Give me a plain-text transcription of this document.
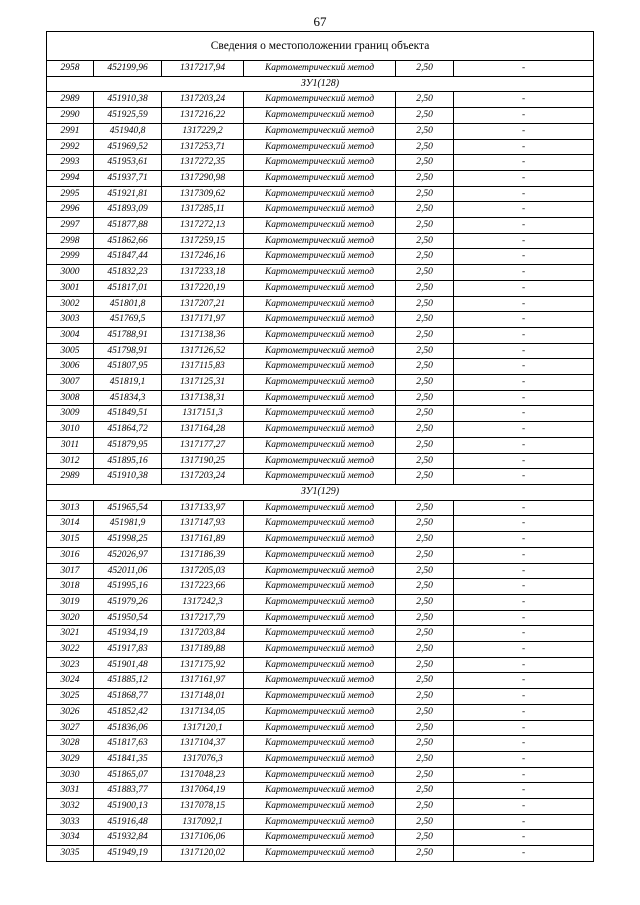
67
Сведения о местоположении границ объекта					
2958	452199,96	1317217,94	Картометрический метод	2,50	-
ЗУ1(128)					
2989	451910,38	1317203,24	Картометрический метод	2,50	-
2990	451925,59	1317216,22	Картометрический метод	2,50	-
2991	451940,8	1317229,2	Картометрический метод	2,50	-
2992	451969,52	1317253,71	Картометрический метод	2,50	-
2993	451953,61	1317272,35	Картометрический метод	2,50	-
2994	451937,71	1317290,98	Картометрический метод	2,50	-
2995	451921,81	1317309,62	Картометрический метод	2,50	-
2996	451893,09	1317285,11	Картометрический метод	2,50	-
2997	451877,88	1317272,13	Картометрический метод	2,50	-
2998	451862,66	1317259,15	Картометрический метод	2,50	-
2999	451847,44	1317246,16	Картометрический метод	2,50	-
3000	451832,23	1317233,18	Картометрический метод	2,50	-
3001	451817,01	1317220,19	Картометрический метод	2,50	-
3002	451801,8	1317207,21	Картометрический метод	2,50	-
3003	451769,5	1317171,97	Картометрический метод	2,50	-
3004	451788,91	1317138,36	Картометрический метод	2,50	-
3005	451798,91	1317126,52	Картометрический метод	2,50	-
3006	451807,95	1317115,83	Картометрический метод	2,50	-
3007	451819,1	1317125,31	Картометрический метод	2,50	-
3008	451834,3	1317138,31	Картометрический метод	2,50	-
3009	451849,51	1317151,3	Картометрический метод	2,50	-
3010	451864,72	1317164,28	Картометрический метод	2,50	-
3011	451879,95	1317177,27	Картометрический метод	2,50	-
3012	451895,16	1317190,25	Картометрический метод	2,50	-
2989	451910,38	1317203,24	Картометрический метод	2,50	-
ЗУ1(129)					
3013	451965,54	1317133,97	Картометрический метод	2,50	-
3014	451981,9	1317147,93	Картометрический метод	2,50	-
3015	451998,25	1317161,89	Картометрический метод	2,50	-
3016	452026,97	1317186,39	Картометрический метод	2,50	-
3017	452011,06	1317205,03	Картометрический метод	2,50	-
3018	451995,16	1317223,66	Картометрический метод	2,50	-
3019	451979,26	1317242,3	Картометрический метод	2,50	-
3020	451950,54	1317217,79	Картометрический метод	2,50	-
3021	451934,19	1317203,84	Картометрический метод	2,50	-
3022	451917,83	1317189,88	Картометрический метод	2,50	-
3023	451901,48	1317175,92	Картометрический метод	2,50	-
3024	451885,12	1317161,97	Картометрический метод	2,50	-
3025	451868,77	1317148,01	Картометрический метод	2,50	-
3026	451852,42	1317134,05	Картометрический метод	2,50	-
3027	451836,06	1317120,1	Картометрический метод	2,50	-
3028	451817,63	1317104,37	Картометрический метод	2,50	-
3029	451841,35	1317076,3	Картометрический метод	2,50	-
3030	451865,07	1317048,23	Картометрический метод	2,50	-
3031	451883,77	1317064,19	Картометрический метод	2,50	-
3032	451900,13	1317078,15	Картометрический метод	2,50	-
3033	451916,48	1317092,1	Картометрический метод	2,50	-
3034	451932,84	1317106,06	Картометрический метод	2,50	-
3035	451949,19	1317120,02	Картометрический метод	2,50	-
